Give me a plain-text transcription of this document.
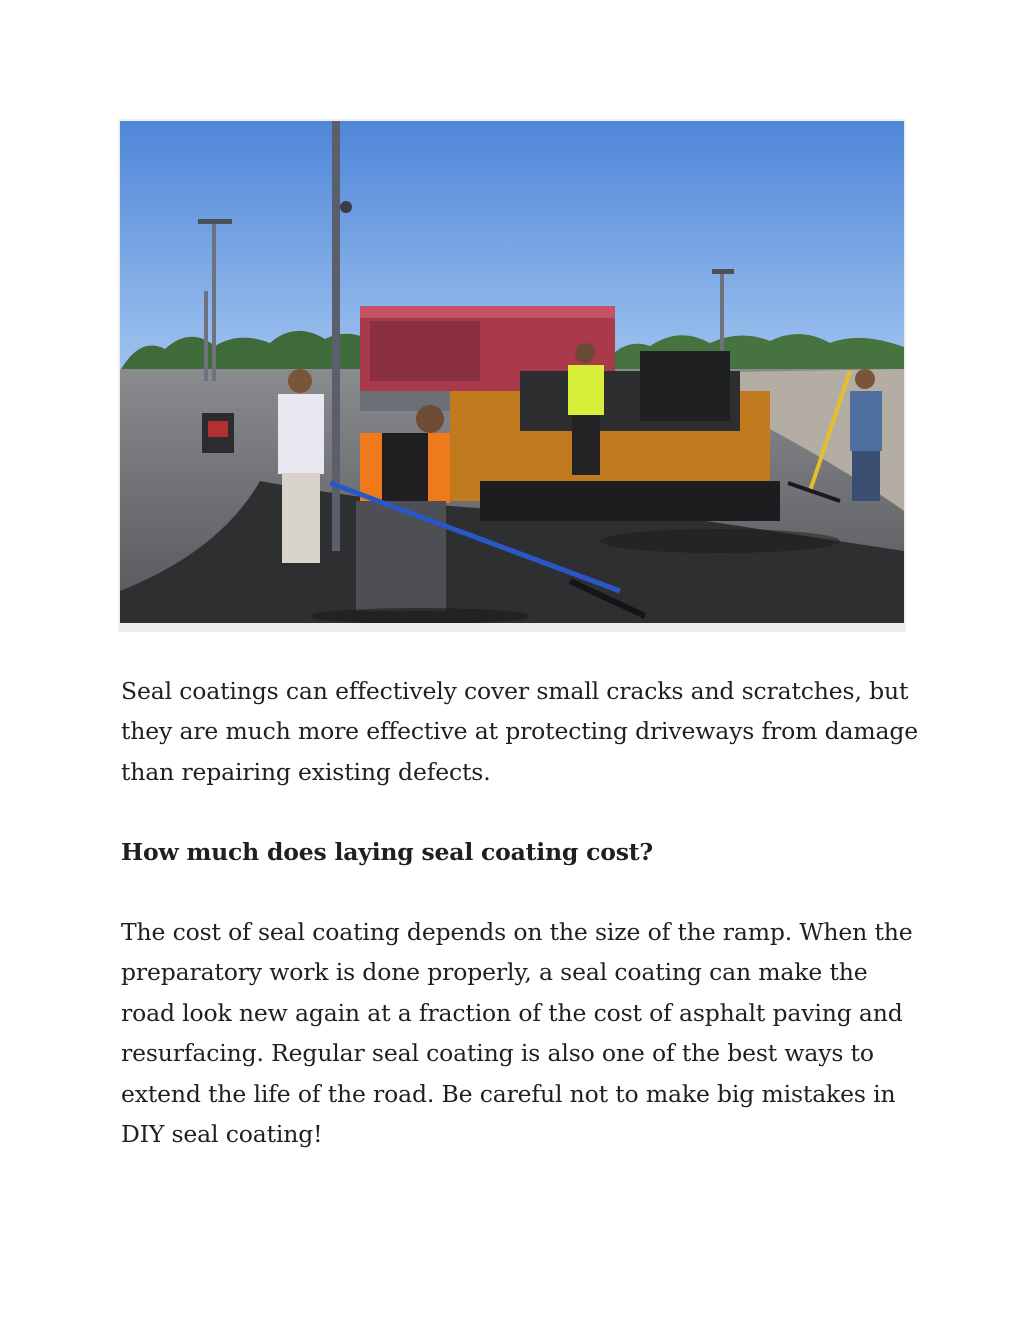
Seal coatings can effectively cover small cracks and scratches, but they are much more effective at protecting driveways from damage than repairing existing defects.

How much does laying seal coating cost?

The cost of seal coating depends on the size of the ramp. When the preparatory work is done properly, a seal coating can make the road look new again at a fraction of the cost of asphalt paving and resurfacing. Regular seal coating is also one of the best ways to extend the life of the road. Be careful not to make big mistakes in DIY seal coating!
